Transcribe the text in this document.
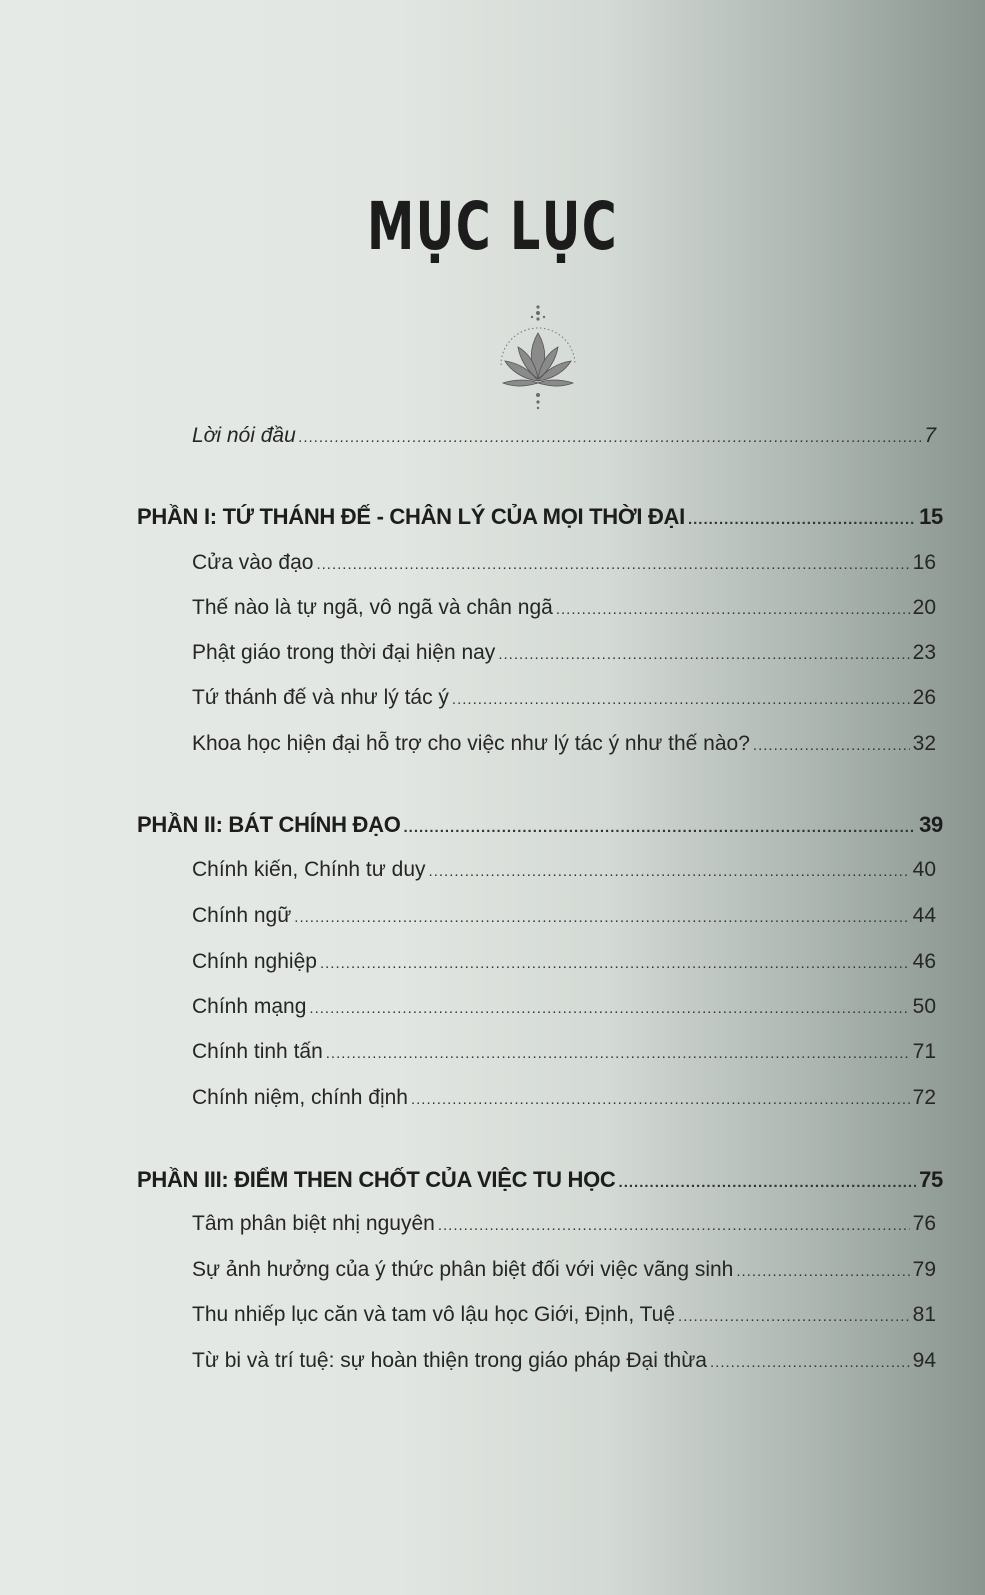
MỤC LỤC
Lời nói đầu .....	7
PHẦN I: TỨ THÁNH ĐẾ - CHÂN LÝ CỦA MỌI THỜI ĐẠI .....	15
Cửa vào đạo .....	16
Thế nào là tự ngã, vô ngã và chân ngã .....	20
Phật giáo trong thời đại hiện nay .....	23
Tứ thánh đế và như lý tác ý .....	26
Khoa học hiện đại hỗ trợ cho việc như lý tác ý như thế nào? .....	32
PHẦN II: BÁT CHÍNH ĐẠO .....	39
Chính kiến, Chính tư duy .....	40
Chính ngữ .....	44
Chính nghiệp .....	46
Chính mạng .....	50
Chính tinh tấn .....	71
Chính niệm, chính định .....	72
PHẦN III: ĐIỂM THEN CHỐT CỦA VIỆC TU HỌC .....	75
Tâm phân biệt nhị nguyên .....	76
Sự ảnh hưởng của ý thức phân biệt đối với việc vãng sinh .....	79
Thu nhiếp lục căn và tam vô lậu học Giới, Định, Tuệ .....	81
Từ bi và trí tuệ: sự hoàn thiện trong giáo pháp Đại thừa .....	94
